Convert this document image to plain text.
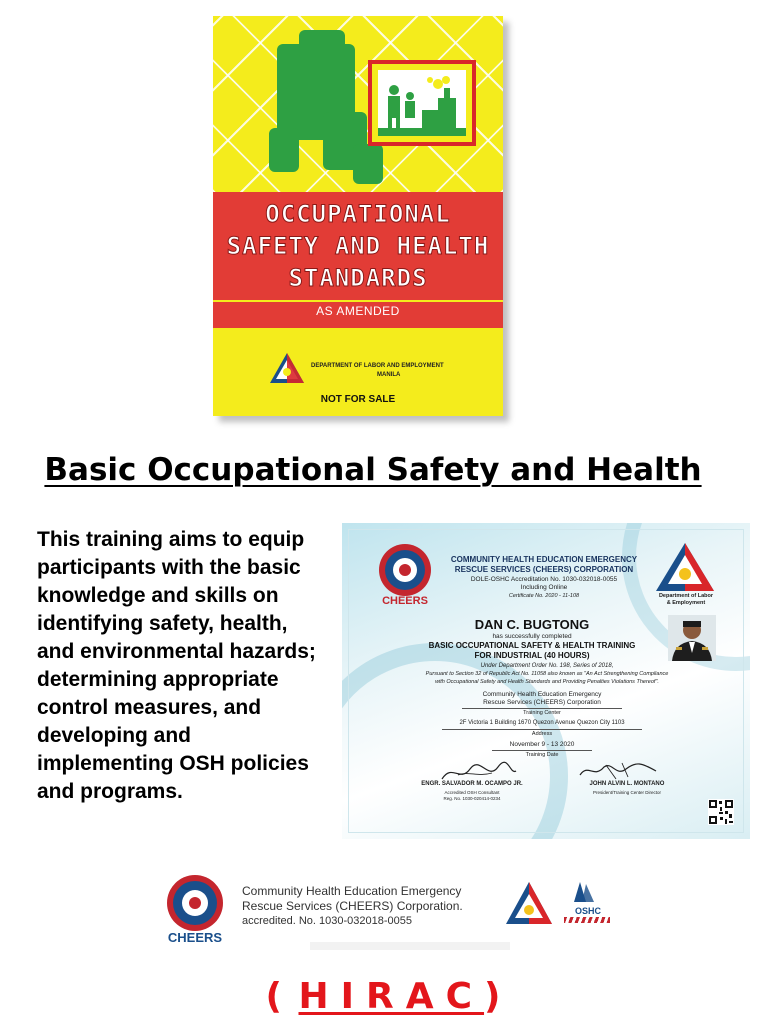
OCCUPATIONAL
SAFETY AND HEALTH
STANDARDS
AS AMENDED
DEPARTMENT OF LABOR AND EMPLOYMENT
MANILA
NOT FOR SALE
Basic Occupational Safety and Health
This training aims to equip participants with the basic knowledge and skills on identifying safety, health, and environmental hazards; determining appropriate control measures, and developing and implementing OSH policies and programs.
CHEERS
COMMUNITY HEALTH EDUCATION EMERGENCY
RESCUE SERVICES (CHEERS) CORPORATION
DOLE-OSHC Accreditation No. 1030-032018-0055
Including Online
Certificate No. 2020 - 11-108	Department of Labor
& Employment
DAN C. BUGTONG
has successfully completed
BASIC OCCUPATIONAL SAFETY & HEALTH TRAINING
FOR INDUSTRIAL (40 HOURS)
Under Department Order No. 198, Series of 2018,
Pursuant to Section 32 of Republic Act No. 11058 also known as "An Act Strengthening Compliance
with Occupational Safety and Health Standards and Providing Penalties Violations Thereof".
Community Health Education Emergency
Rescue Services (CHEERS) Corporation
Training Center
2F Victoria 1 Building 1670 Quezon Avenue Quezon City 1103
Address
November 9 - 13 2020
Training Date
ENGR. SALVADOR M. OCAMPO JR.
Accredited OSH Consultant
Reg. No. 1030-020414-0234
JOHN ALVIN L. MONTANO
President/Training Center Director
CHEERS
Community Health Education Emergency
Rescue Services (CHEERS) Corporation.
accredited. No. 1030-032018-0055
OSHC
( HIRAC)
